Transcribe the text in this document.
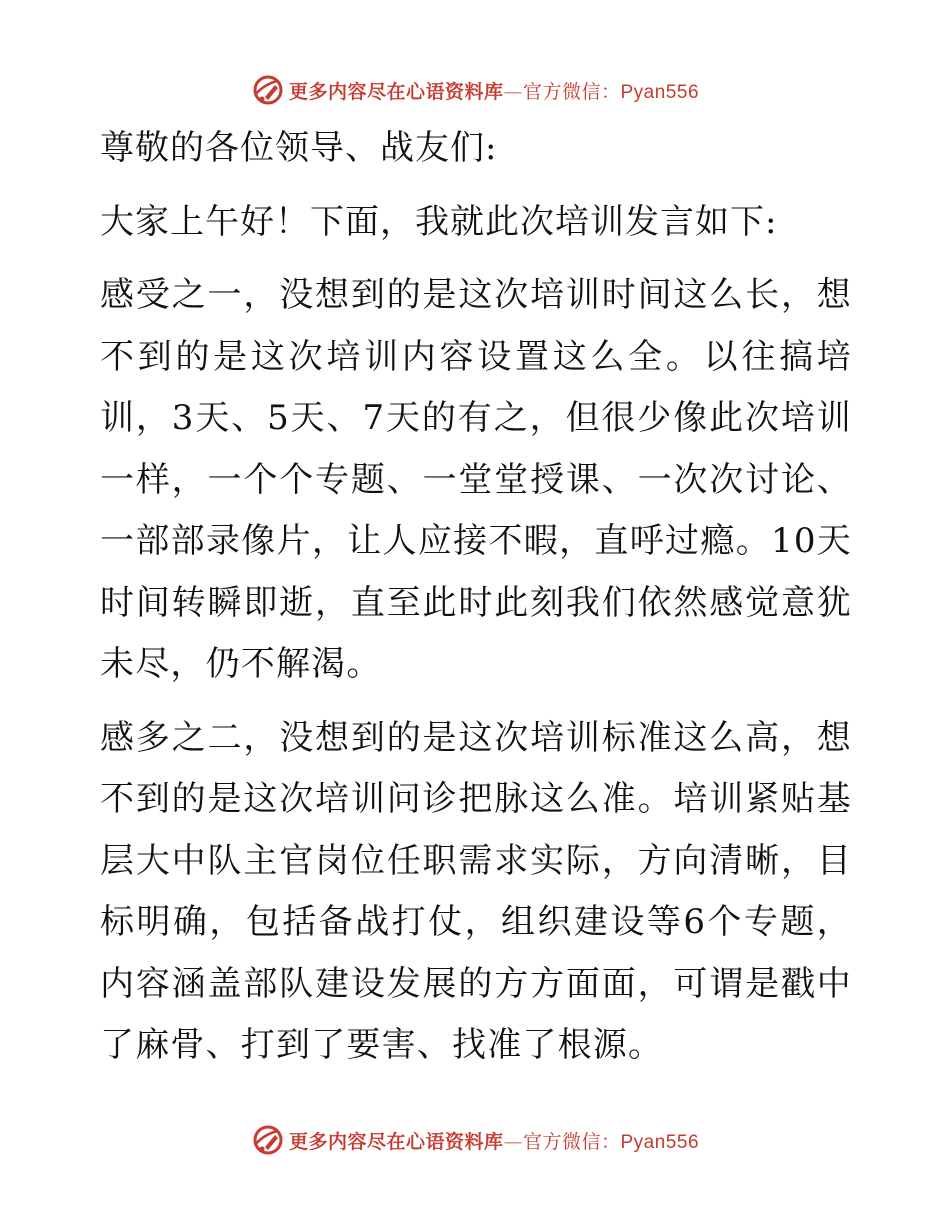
更多内容尽在心语资料库—官方微信：Pyan556

尊敬的各位领导、战友们:

大家上午好！下面，我就此次培训发言如下:

感受之一，没想到的是这次培训时间这么长，想不到的是这次培训内容设置这么全。以往搞培训，3天、5天、7天的有之，但很少像此次培训一样，一个个专题、一堂堂授课、一次次讨论、一部部录像片，让人应接不暇，直呼过瘾。10天时间转瞬即逝，直至此时此刻我们依然感觉意犹未尽，仍不解渴。

感多之二，没想到的是这次培训标准这么高，想不到的是这次培训问诊把脉这么准。培训紧贴基层大中队主官岗位任职需求实际，方向清晰，目标明确，包括备战打仗，组织建设等6个专题，内容涵盖部队建设发展的方方面面，可谓是戳中了麻骨、打到了要害、找准了根源。

更多内容尽在心语资料库—官方微信：Pyan556
